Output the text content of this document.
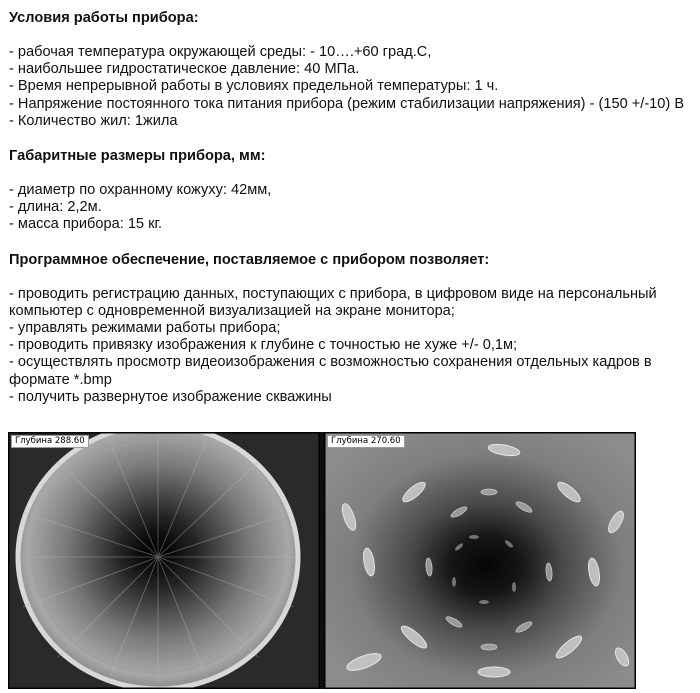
Условия работы прибора:

- рабочая температура окружающей среды: - 10….+60 град.С,
- наибольшее гидростатическое давление: 40 МПа.
- Время непрерывной работы в условиях предельной температуры: 1 ч.
- Напряжение постоянного тока питания прибора (режим стабилизации напряжения) - (150 +/-10) В
- Количество жил: 1жила

Габаритные размеры прибора, мм:

- диаметр по охранному кожуху: 42мм,
- длина: 2,2м.
- масса прибора: 15 кг.

Программное обеспечение, поставляемое с прибором позволяет:

- проводить регистрацию данных, поступающих с прибора, в цифровом виде на персональный компьютер с одновременной визуализацией на экране монитора;
- управлять режимами работы прибора;
- проводить привязку изображения к глубине с точностью не хуже +/- 0,1м;
- осуществлять просмотр видеоизображения с возможностью сохранения отдельных кадров в формате *.bmp
- получить развернутое изображение скважины
Глубина 288.60	Глубина 270.60
